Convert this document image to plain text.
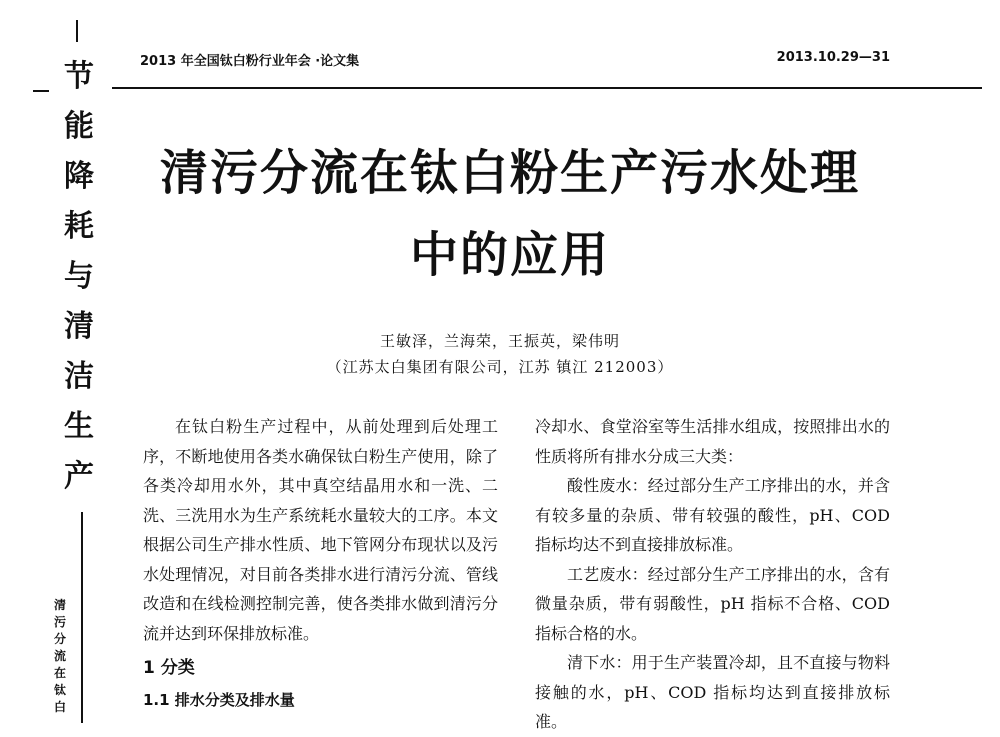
节
能
降
耗
与
清
洁
生
产
清
污
分
流
在
钛
白
2013 年全国钛白粉行业年会 ·论文集	2013.10.29—31
清污分流在钛白粉生产污水处理
中的应用
王敏泽，兰海荣，王振英，梁伟明
（江苏太白集团有限公司，江苏 镇江 212003）

在钛白粉生产过程中，从前处理到后处理工序，不断地使用各类水确保钛白粉生产使用，除了各类冷却用水外，其中真空结晶用水和一洗、二洗、三洗用水为生产系统耗水量较大的工序。本文根据公司生产排水性质、地下管网分布现状以及污水处理情况，对目前各类排水进行清污分流、管线改造和在线检测控制完善，使各类排水做到清污分流并达到环保排放标准。

1 分类
1.1 排水分类及排水量

冷却水、食堂浴室等生活排水组成，按照排出水的性质将所有排水分成三大类：

酸性废水：经过部分生产工序排出的水，并含有较多量的杂质、带有较强的酸性，pH、COD 指标均达不到直接排放标准。

工艺废水：经过部分生产工序排出的水，含有微量杂质，带有弱酸性，pH 指标不合格、COD 指标合格的水。

清下水：用于生产装置冷却，且不直接与物料接触的水，pH、COD 指标均达到直接排放标准。
